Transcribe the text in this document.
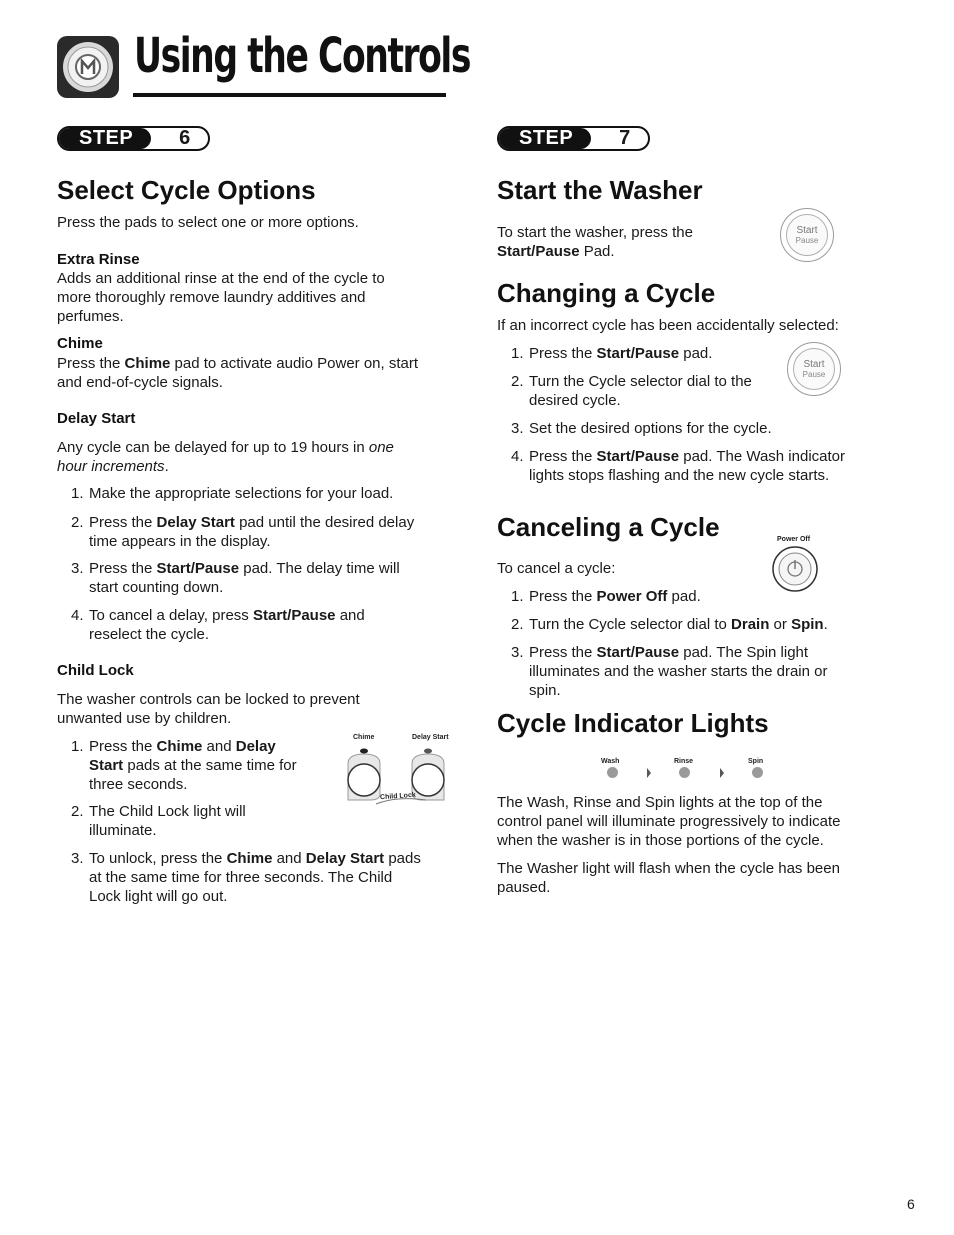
Using the Controls
STEP	6
Select Cycle Options
Press the pads to select one or more options.
Extra Rinse
Adds an additional rinse at the end of the cycle to
more thoroughly remove laundry additives and
perfumes.
Chime
Press the Chime pad to activate audio Power on, start
and end-of-cycle signals.
Delay Start
Any cycle can be delayed for up to 19 hours in one
hour increments.
1. Make the appropriate selections for your load.
2. Press the Delay Start pad until the desired delay
time appears in the display.
3. Press the Start/Pause pad. The delay time will
start counting down.
4. To cancel a delay, press Start/Pause and
reselect the cycle.
Child Lock
The washer controls can be locked to prevent
unwanted use by children.
1. Press the Chime and Delay
Start pads at the same time for
three seconds.
2. The Child Lock light will
illuminate.
3. To unlock, press the Chime and Delay Start pads
at the same time for three seconds. The Child
Lock light will go out.
Chime	Delay Start
Child Lock
STEP	7
Start the Washer
To start the washer, press the
Start/Pause Pad.
Start
Pause
Changing a Cycle
If an incorrect cycle has been accidentally selected:
1. Press the Start/Pause pad.
2. Turn the Cycle selector dial to the
desired cycle.
3. Set the desired options for the cycle.
4. Press the Start/Pause pad. The Wash indicator
lights stops flashing and the new cycle starts.
Start
Pause
Canceling a Cycle	Power Off
To cancel a cycle:
1. Press the Power Off pad.
2. Turn the Cycle selector dial to Drain or Spin.
3. Press the Start/Pause pad. The Spin light
illuminates and the washer starts the drain or
spin.
Cycle Indicator Lights
Wash	Rinse	Spin
The Wash, Rinse and Spin lights at the top of the
control panel will illuminate progressively to indicate
when the washer is in those portions of the cycle.
The Washer light will flash when the cycle has been
paused.
6
